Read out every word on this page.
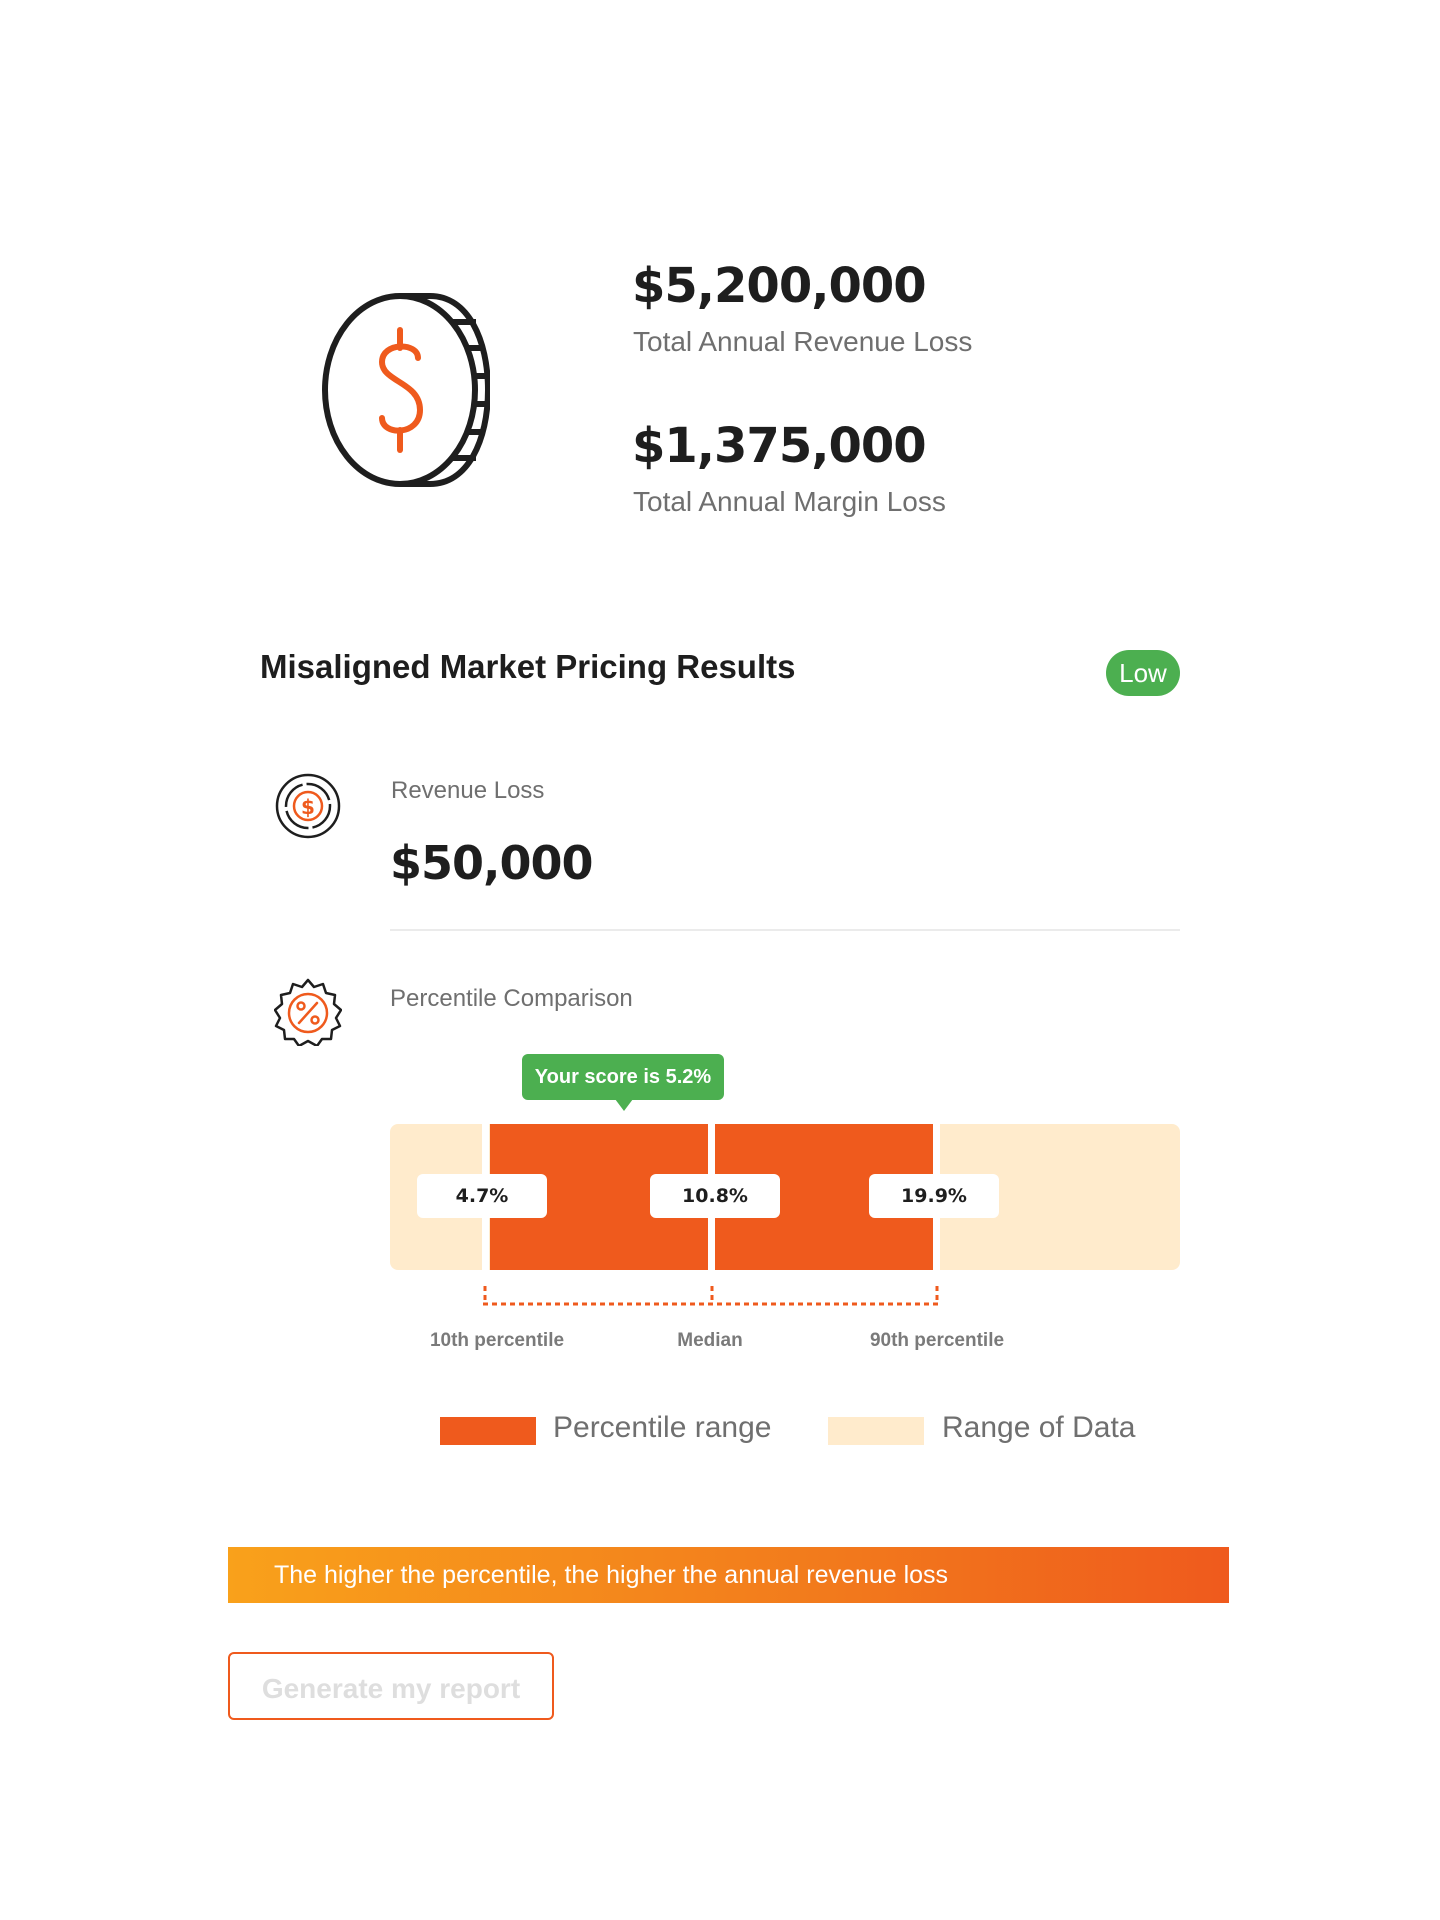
$5,200,000
Total Annual Revenue Loss
$1,375,000
Total Annual Margin Loss
Misaligned Market Pricing Results	Low
$
Revenue Loss
$50,000
Percentile Comparison
Your score is 5.2%
4.7%	10.8%	19.9%
10th percentile	Median	90th percentile
Percentile range	Range of Data
The higher the percentile, the higher the annual revenue loss
Generate my report
